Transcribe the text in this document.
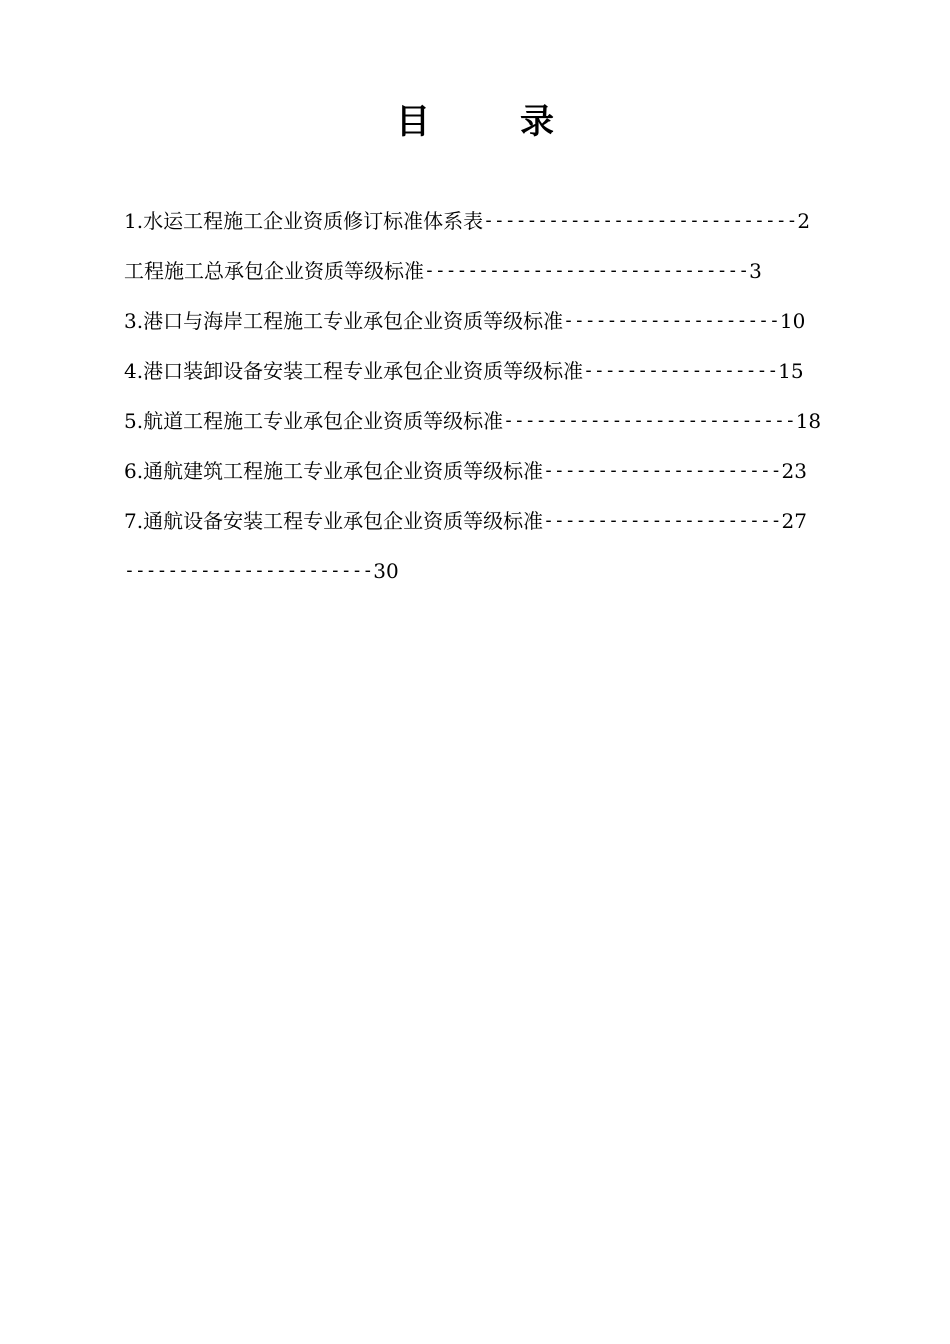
目	录
1.水运工程施工企业资质修订标准体系表 ----------------------------- 2
工程施工总承包企业资质等级标准 ------------------------------ 3
3.港口与海岸工程施工专业承包企业资质等级标准 -------------------- 10
4.港口装卸设备安装工程专业承包企业资质等级标准 ------------------ 15
5.航道工程施工专业承包企业资质等级标准 --------------------------- 18
6.通航建筑工程施工专业承包企业资质等级标准 ---------------------- 23
7.通航设备安装工程专业承包企业资质等级标准 ---------------------- 27
----------------------- 30
